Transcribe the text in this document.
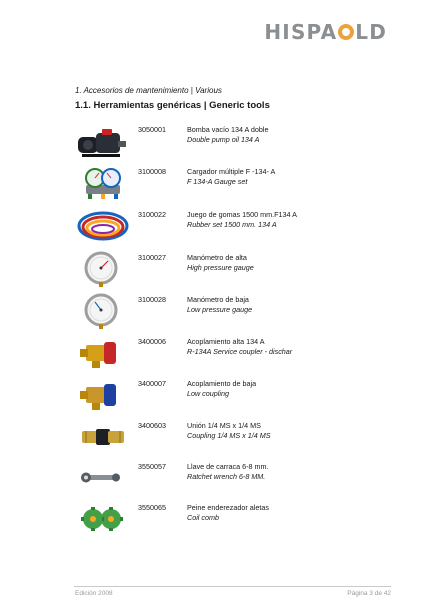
HISPA LD
1. Accesorios de mantenimiento | Various
1.1. Herramientas genéricas | Generic tools
3050001	Bomba vacío 134 A doble
Double pump oil 134 A
3100008	Cargador múltiple F -134- A
F 134-A Gauge set
3100022	Juego de gomas 1500 mm.F134 A
Rubber set 1500 mm. 134 A
3100027	Manómetro de alta
High pressure gauge
3100028	Manómetro de baja
Low pressure gauge
3400006	Acoplamiento alta 134 A
R-134A Service coupler - dischar
3400007	Acoplamiento de baja
Low coupling
3400603	Unión 1/4 MS x 1/4 MS
Coupling 1/4 MS x 1/4 MS
3550057	Llave de carraca 6-8 mm.
Ratchet wrench 6-8 MM.
3550065	Peine enderezador aletas
Coil comb
Edición 2008	Página 3 de 42
